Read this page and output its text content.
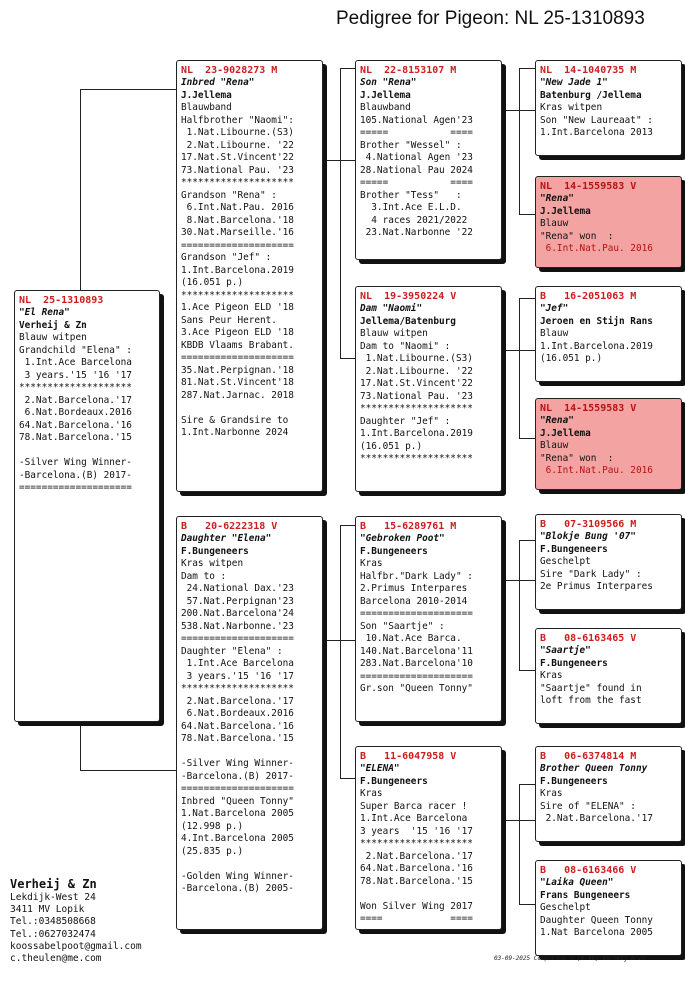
Pedigree for Pigeon: NL 25-1310893
NL  25-1310893
"El Rena"
Verheij & Zn
Blauw witpen
Grandchild "Elena" :
1.Int.Ace Barcelona
3 years.'15 '16 '17
********************
2.Nat.Barcelona.'17
6.Nat.Bordeaux.2016
64.Nat.Barcelona.'16
78.Nat.Barcelona.'15

-Silver Wing Winner-
-Barcelona.(B) 2017-
====================
NL  23-9028273 M
Inbred "Rena"
J.Jellema
Blauwband
Halfbrother "Naomi":
1.Nat.Libourne.(S3)
2.Nat.Libourne. '22
17.Nat.St.Vincent'22
73.National Pau. '23
********************
Grandson "Rena" :
6.Int.Nat.Pau. 2016
8.Nat.Barcelona.'18
30.Nat.Marseille.'16
====================
Grandson "Jef" :
1.Int.Barcelona.2019
(16.051 p.)
********************
1.Ace Pigeon ELD '18
Sans Peur Herent.
3.Ace Pigeon ELD '18
KBDB Vlaams Brabant.
====================
35.Nat.Perpignan.'18
81.Nat.St.Vincent'18
287.Nat.Jarnac. 2018

Sire & Grandsire to
1.Int.Narbonne 2024
B   20-6222318 V
Daughter "Elena"
F.Bungeneers
Kras witpen
Dam to :
24.National Dax.'23
57.Nat.Perpignan'23
200.Nat.Barcelona'24
538.Nat.Narbonne.'23
====================
Daughter "Elena" :
1.Int.Ace Barcelona
3 years.'15 '16 '17
********************
2.Nat.Barcelona.'17
6.Nat.Bordeaux.2016
64.Nat.Barcelona.'16
78.Nat.Barcelona.'15

-Silver Wing Winner-
-Barcelona.(B) 2017-
====================
Inbred "Queen Tonny"
1.Nat.Barcelona 2005
(12.998 p.)
4.Int.Barcelona 2005
(25.835 p.)

-Golden Wing Winner-
-Barcelona.(B) 2005-
NL  22-8153107 M
Son "Rena"
J.Jellema
Blauwband
105.National Agen'23
=====           ====
Brother "Wessel" :
4.National Agen '23
28.National Pau 2024
=====           ====
Brother "Tess"   :
3.Int.Ace E.L.D.
4 races 2021/2022
23.Nat.Narbonne '22
NL  19-3950224 V
Dam "Naomi"
Jellema/Batenburg
Blauw witpen
Dam to "Naomi" :
1.Nat.Libourne.(S3)
2.Nat.Libourne. '22
17.Nat.St.Vincent'22
73.National Pau. '23
********************
Daughter "Jef" :
1.Int.Barcelona.2019
(16.051 p.)
********************
B   15-6289761 M
"Gebroken Poot"
F.Bungeneers
Kras
Halfbr."Dark Lady" :
2.Primus Interpares
Barcelona 2010-2014
====================
Son "Saartje" :
10.Nat.Ace Barca.
140.Nat.Barcelona'11
283.Nat.Barcelona'10
====================
Gr.son "Queen Tonny"
B   11-6047958 V
"ELENA"
F.Bungeneers
Kras
Super Barca racer !
1.Int.Ace Barcelona
3 years  '15 '16 '17
********************
2.Nat.Barcelona.'17
64.Nat.Barcelona.'16
78.Nat.Barcelona.'15

Won Silver Wing 2017
====            ====
NL  14-1040735 M
"New Jade 1"
Batenburg /Jellema
Kras witpen
Son "New Laureaat" :
1.Int.Barcelona 2013
NL  14-1559583 V
"Rena"
J.Jellema
Blauw
"Rena" won  :
6.Int.Nat.Pau. 2016
B   16-2051063 M
"Jef"
Jeroen en Stijn Rans
Blauw
1.Int.Barcelona.2019
(16.051 p.)
NL  14-1559583 V
"Rena"
J.Jellema
Blauw
"Rena" won  :
6.Int.Nat.Pau. 2016
B   07-3109566 M
"Blokje Bung '07"
F.Bungeneers
Geschelpt
Sire "Dark Lady" :
2e Primus Interpares
B   08-6163465 V
"Saartje"
F.Bungeneers
Kras
"Saartje" found in
loft from the fast
B   06-6374814 M
Brother Queen Tonny
F.Bungeneers
Kras
Sire of "ELENA" :
2.Nat.Barcelona.'17
B   08-6163466 V
"Laika Queen"
Frans Bungeneers
Geschelpt
Daughter Queen Tonny
1.Nat Barcelona 2005
Verheij & Zn
Lekdijk-West 24
3411 MV Lopik
Tel.:0348508668
Tel.:0627032474
koossabelpoot@gmail.com
c.theulen@me.com	03-09-2025 Compuclub © [9.48] Verheij & Zn
